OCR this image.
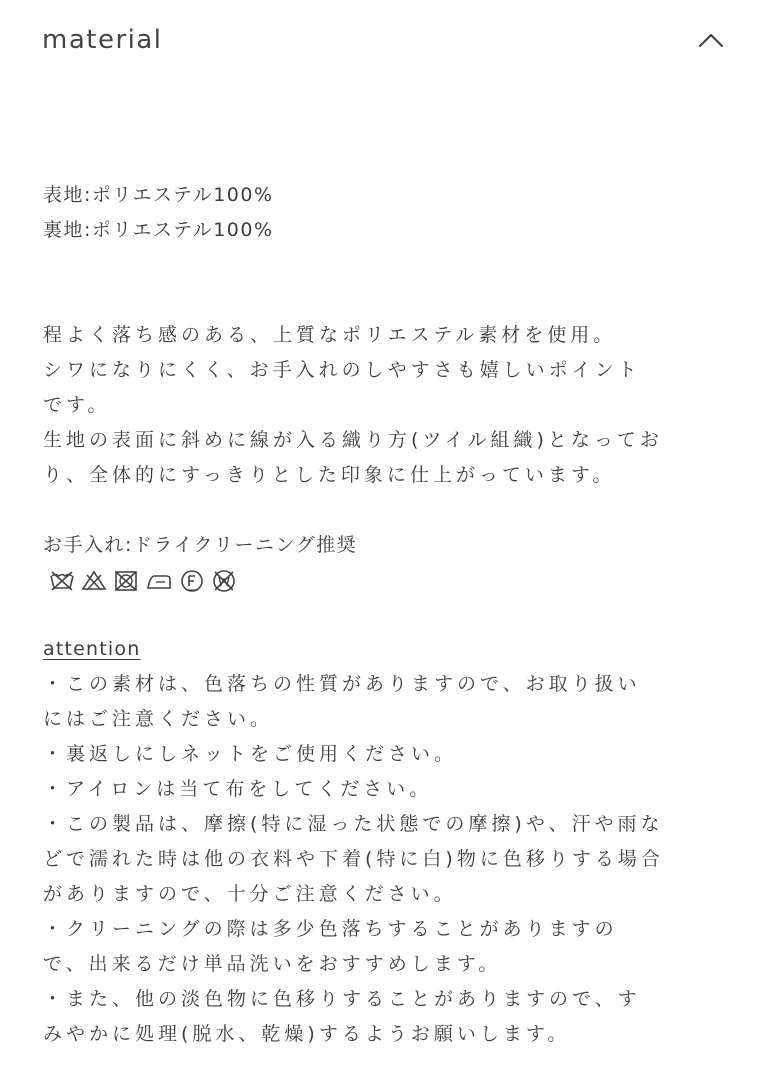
material
表地:ポリエステル100%
裏地:ポリエステル100%
程よく落ち感のある、上質なポリエステル素材を使用。
シワになりにくく、お手入れのしやすさも嬉しいポイント
です。
生地の表面に斜めに線が入る織り方(ツイル組織)となってお
り、全体的にすっきりとした印象に仕上がっています。
お手入れ:ドライクリーニング推奨
attention
・この素材は、色落ちの性質がありますので、お取り扱い
にはご注意ください。
・裏返しにしネットをご使用ください。
・アイロンは当て布をしてください。
・この製品は、摩擦(特に湿った状態での摩擦)や、汗や雨な
どで濡れた時は他の衣料や下着(特に白)物に色移りする場合
がありますので、十分ご注意ください。
・クリーニングの際は多少色落ちすることがありますの
で、出来るだけ単品洗いをおすすめします。
・また、他の淡色物に色移りすることがありますので、す
みやかに処理(脱水、乾燥)するようお願いします。
